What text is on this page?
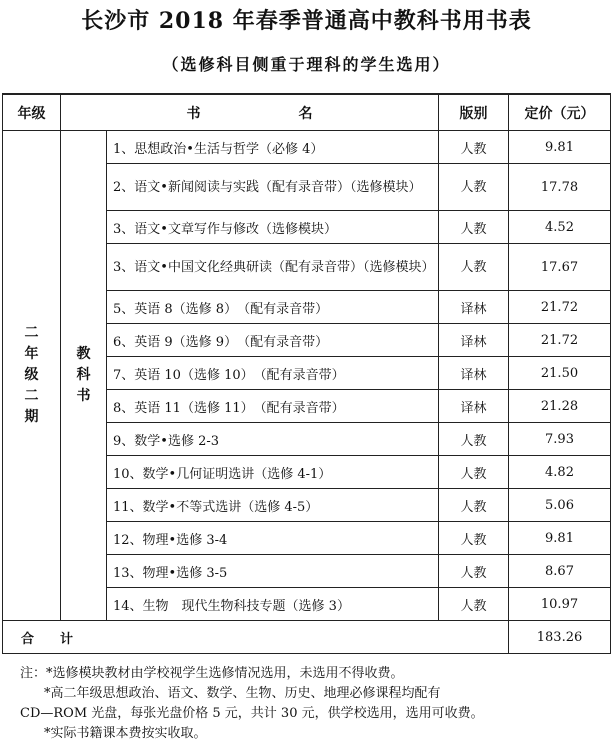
长沙市 2018 年春季普通高中教科书用书表
（选修科目侧重于理科的学生选用）
年级	书　　　　　　　名		版别	定价（元）
二年级二期	教科书	1、思想政治•生活与哲学（必修 4）	人教	9.81
		2、语文•新闻阅读与实践（配有录音带）（选修模块）	人教	17.78
		3、语文•文章写作与修改（选修模块）	人教	4.52
		3、语文•中国文化经典研读（配有录音带）（选修模块）	人教	17.67
		5、英语 8（选修 8）　（配有录音带）	译林	21.72
		6、英语 9（选修 9）　（配有录音带）	译林	21.72
		7、英语 10（选修 10）　（配有录音带）	译林	21.50
		8、英语 11（选修 11）　（配有录音带）	译林	21.28
		9、数学•选修 2-3	人教	7.93
		10、数学•几何证明选讲（选修 4-1）	人教	4.82
		11、数学•不等式选讲（选修 4-5）	人教	5.06
		12、物理•选修 3-4	人教	9.81
		13、物理•选修 3-5	人教	8.67
		14、生物　现代生物科技专题（选修 3）	人教	10.97
合计				183.26
注：*选修模块教材由学校视学生选修情况选用，未选用不得收费。
*高二年级思想政治、语文、数学、生物、历史、地理必修课程均配有
CD—ROM 光盘，每张光盘价格 5 元，共计 30 元，供学校选用，选用可收费。
*实际书籍课本费按实收取。
